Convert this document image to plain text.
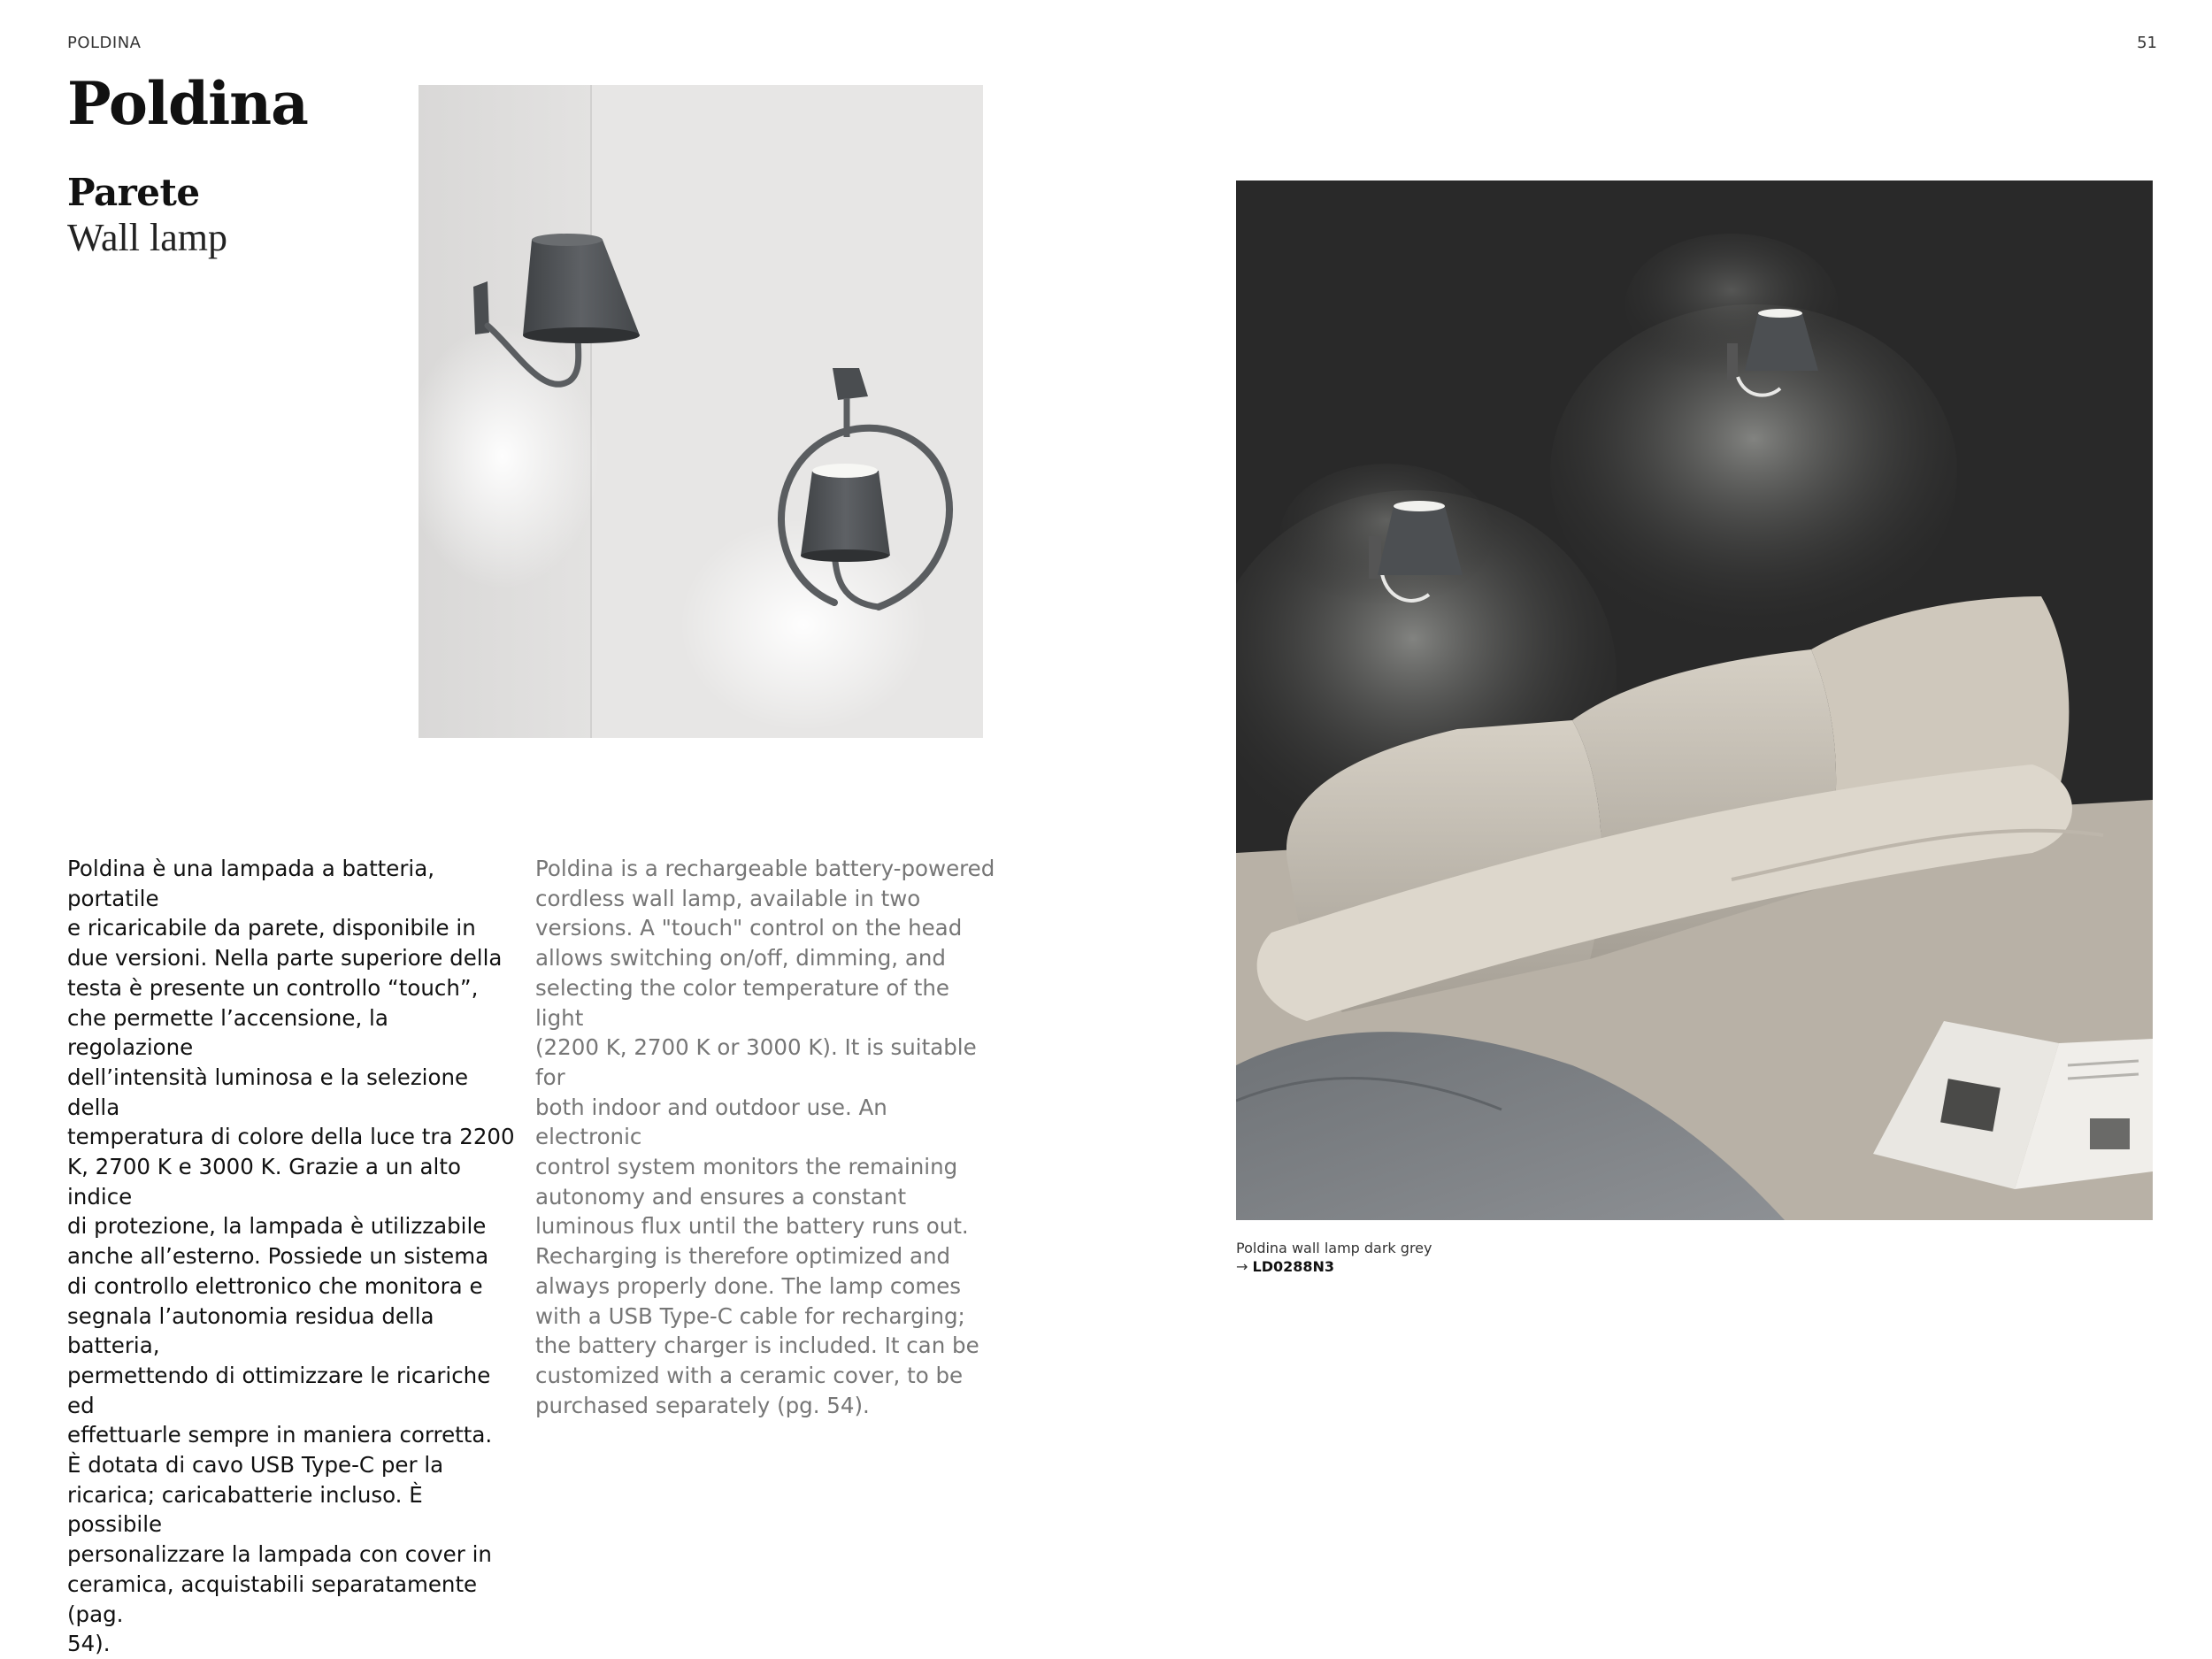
POLDINA	51
Poldina
Parete
Wall lamp
Poldina è una lampada a batteria, portatile
e ricaricabile da parete, disponibile in
due versioni. Nella parte superiore della
testa è presente un controllo “touch”,
che permette l’accensione, la regolazione
dell’intensità luminosa e la selezione della
temperatura di colore della luce tra 2200
K, 2700 K e 3000 K. Grazie a un alto indice
di protezione, la lampada è utilizzabile
anche all’esterno. Possiede un sistema
di controllo elettronico che monitora e
segnala l’autonomia residua della batteria,
permettendo di ottimizzare le ricariche ed
effettuarle sempre in maniera corretta.
È dotata di cavo USB Type-C per la
ricarica; caricabatterie incluso. È possibile
personalizzare la lampada con cover in
ceramica, acquistabili separatamente (pag.
54).
Poldina is a rechargeable battery-powered
cordless wall lamp, available in two
versions. A "touch" control on the head
allows switching on/off, dimming, and
selecting the color temperature of the light
(2200 K, 2700 K or 3000 K). It is suitable for
both indoor and outdoor use. An electronic
control system monitors the remaining
autonomy and ensures a constant
luminous flux until the battery runs out.
Recharging is therefore optimized and
always properly done. The lamp comes
with a USB Type-C cable for recharging;
the battery charger is included. It can be
customized with a ceramic cover, to be
purchased separately (pg. 54).
Poldina wall lamp dark grey
→ LD0288N3
